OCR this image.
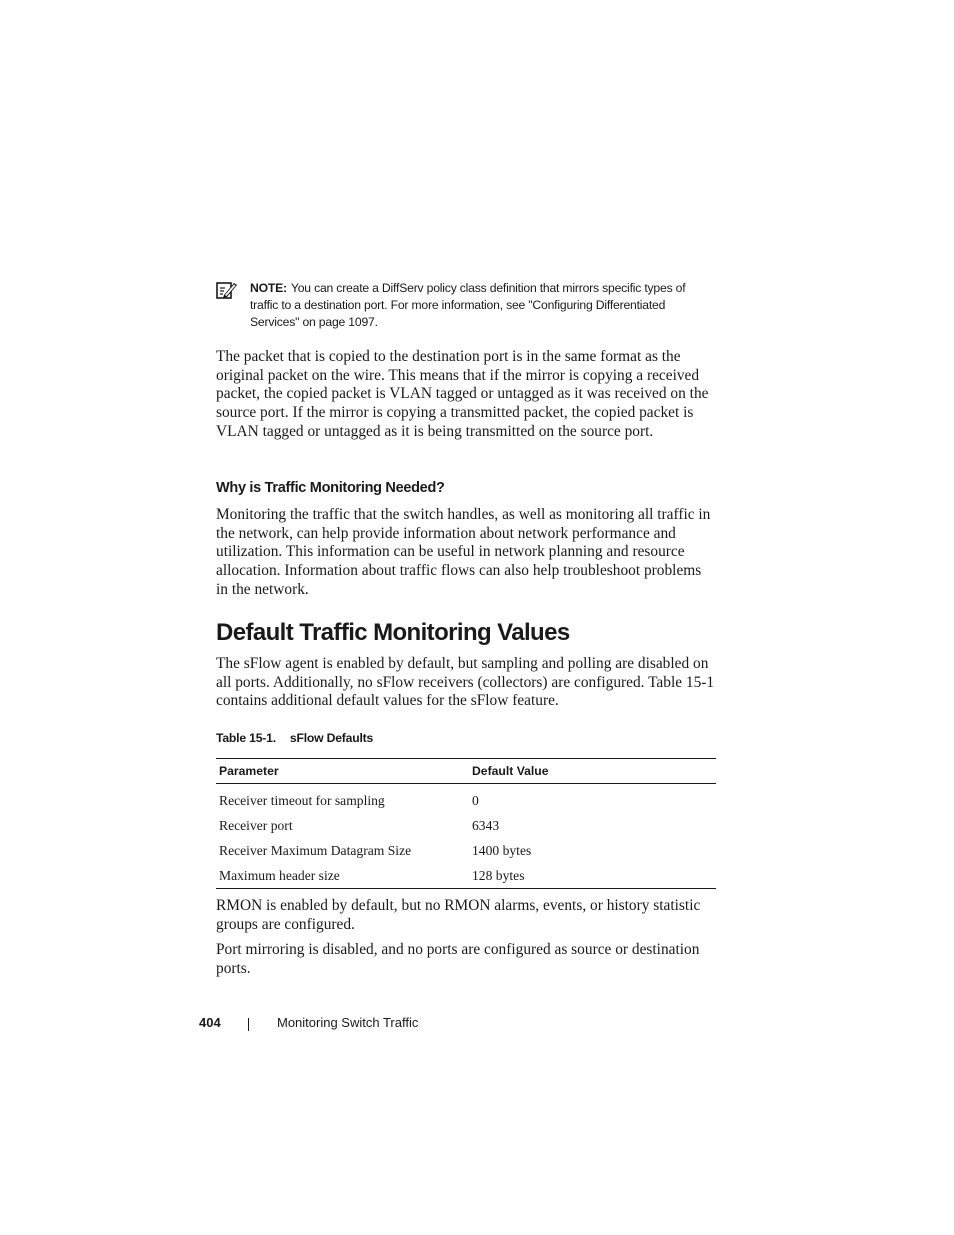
NOTE: You can create a DiffServ policy class definition that mirrors specific types of traffic to a destination port. For more information, see "Configuring Differentiated Services" on page 1097.

The packet that is copied to the destination port is in the same format as the original packet on the wire. This means that if the mirror is copying a received packet, the copied packet is VLAN tagged or untagged as it was received on the source port. If the mirror is copying a transmitted packet, the copied packet is VLAN tagged or untagged as it is being transmitted on the source port.

Why is Traffic Monitoring Needed?

Monitoring the traffic that the switch handles, as well as monitoring all traffic in the network, can help provide information about network performance and utilization. This information can be useful in network planning and resource allocation. Information about traffic flows can also help troubleshoot problems in the network.

Default Traffic Monitoring Values

The sFlow agent is enabled by default, but sampling and polling are disabled on all ports. Additionally, no sFlow receivers (collectors) are configured. Table 15-1 contains additional default values for the sFlow feature.

Table 15-1. sFlow Defaults
Parameter	Default Value
Receiver timeout for sampling	0
Receiver port	6343
Receiver Maximum Datagram Size	1400 bytes
Maximum header size	128 bytes

RMON is enabled by default, but no RMON alarms, events, or history statistic groups are configured.

Port mirroring is disabled, and no ports are configured as source or destination ports.

404	Monitoring Switch Traffic
